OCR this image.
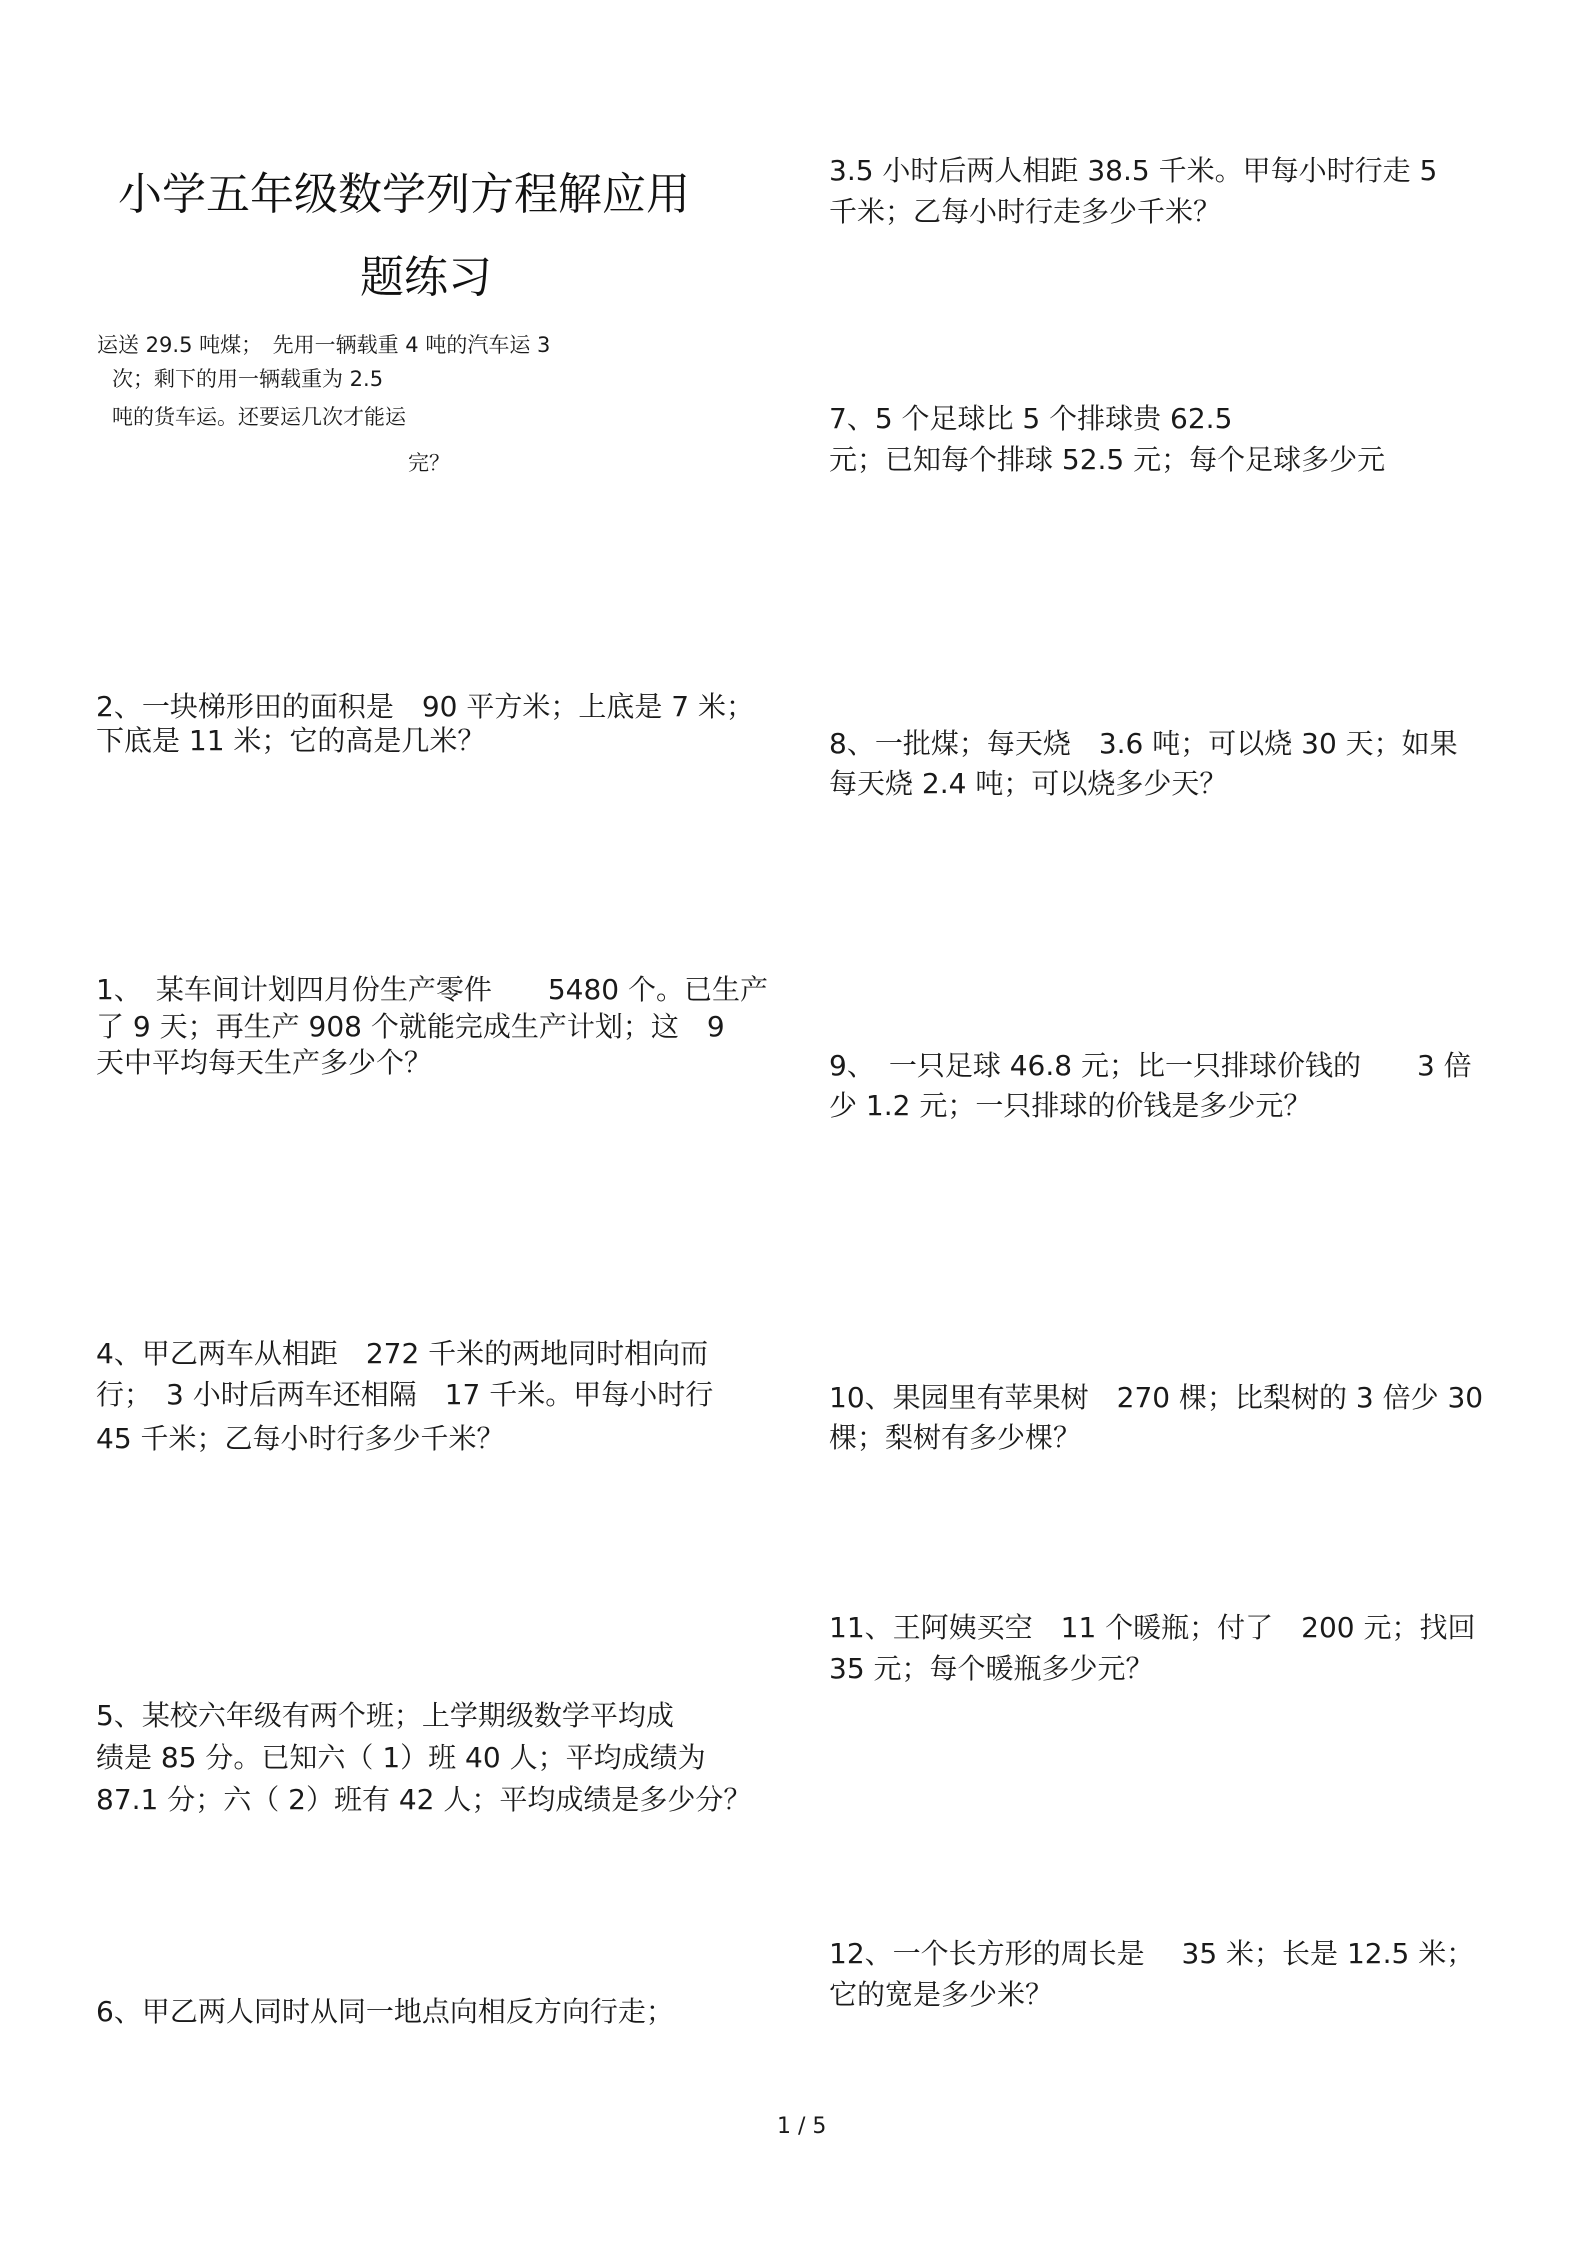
小学五年级数学列方程解应用
题练习
运送 29.5 吨煤；　先用一辆载重 4 吨的汽车运 3
次；剩下的用一辆载重为 2.5
吨的货车运。还要运几次才能运
完？
2、一块梯形田的面积是　90 平方米；上底是 7 米；
下底是 11 米；它的高是几米？
1、　某车间计划四月份生产零件　　5480 个。已生产
了 9 天；再生产 908 个就能完成生产计划；这　9
天中平均每天生产多少个？
4、甲乙两车从相距　272 千米的两地同时相向而
行；　3 小时后两车还相隔　17 千米。甲每小时行
45 千米；乙每小时行多少千米？
5、某校六年级有两个班；上学期级数学平均成
绩是 85 分。已知六（ 1）班 40 人；平均成绩为
87.1 分；六（ 2）班有 42 人；平均成绩是多少分？
6、甲乙两人同时从同一地点向相反方向行走；
3.5 小时后两人相距 38.5 千米。甲每小时行走 5
千米；乙每小时行走多少千米？
7、5 个足球比 5 个排球贵 62.5
元；已知每个排球 52.5 元；每个足球多少元
8、一批煤；每天烧　3.6 吨；可以烧 30 天；如果
每天烧 2.4 吨；可以烧多少天？
9、　一只足球 46.8 元；比一只排球价钱的　　3 倍
少 1.2 元；一只排球的价钱是多少元？
10、果园里有苹果树　270 棵；比梨树的 3 倍少 30
棵；梨树有多少棵？
11、王阿姨买空　11 个暖瓶；付了　200 元；找回
35 元；每个暖瓶多少元？
12、一个长方形的周长是　 35 米；长是 12.5 米；
它的宽是多少米？
1 / 5
